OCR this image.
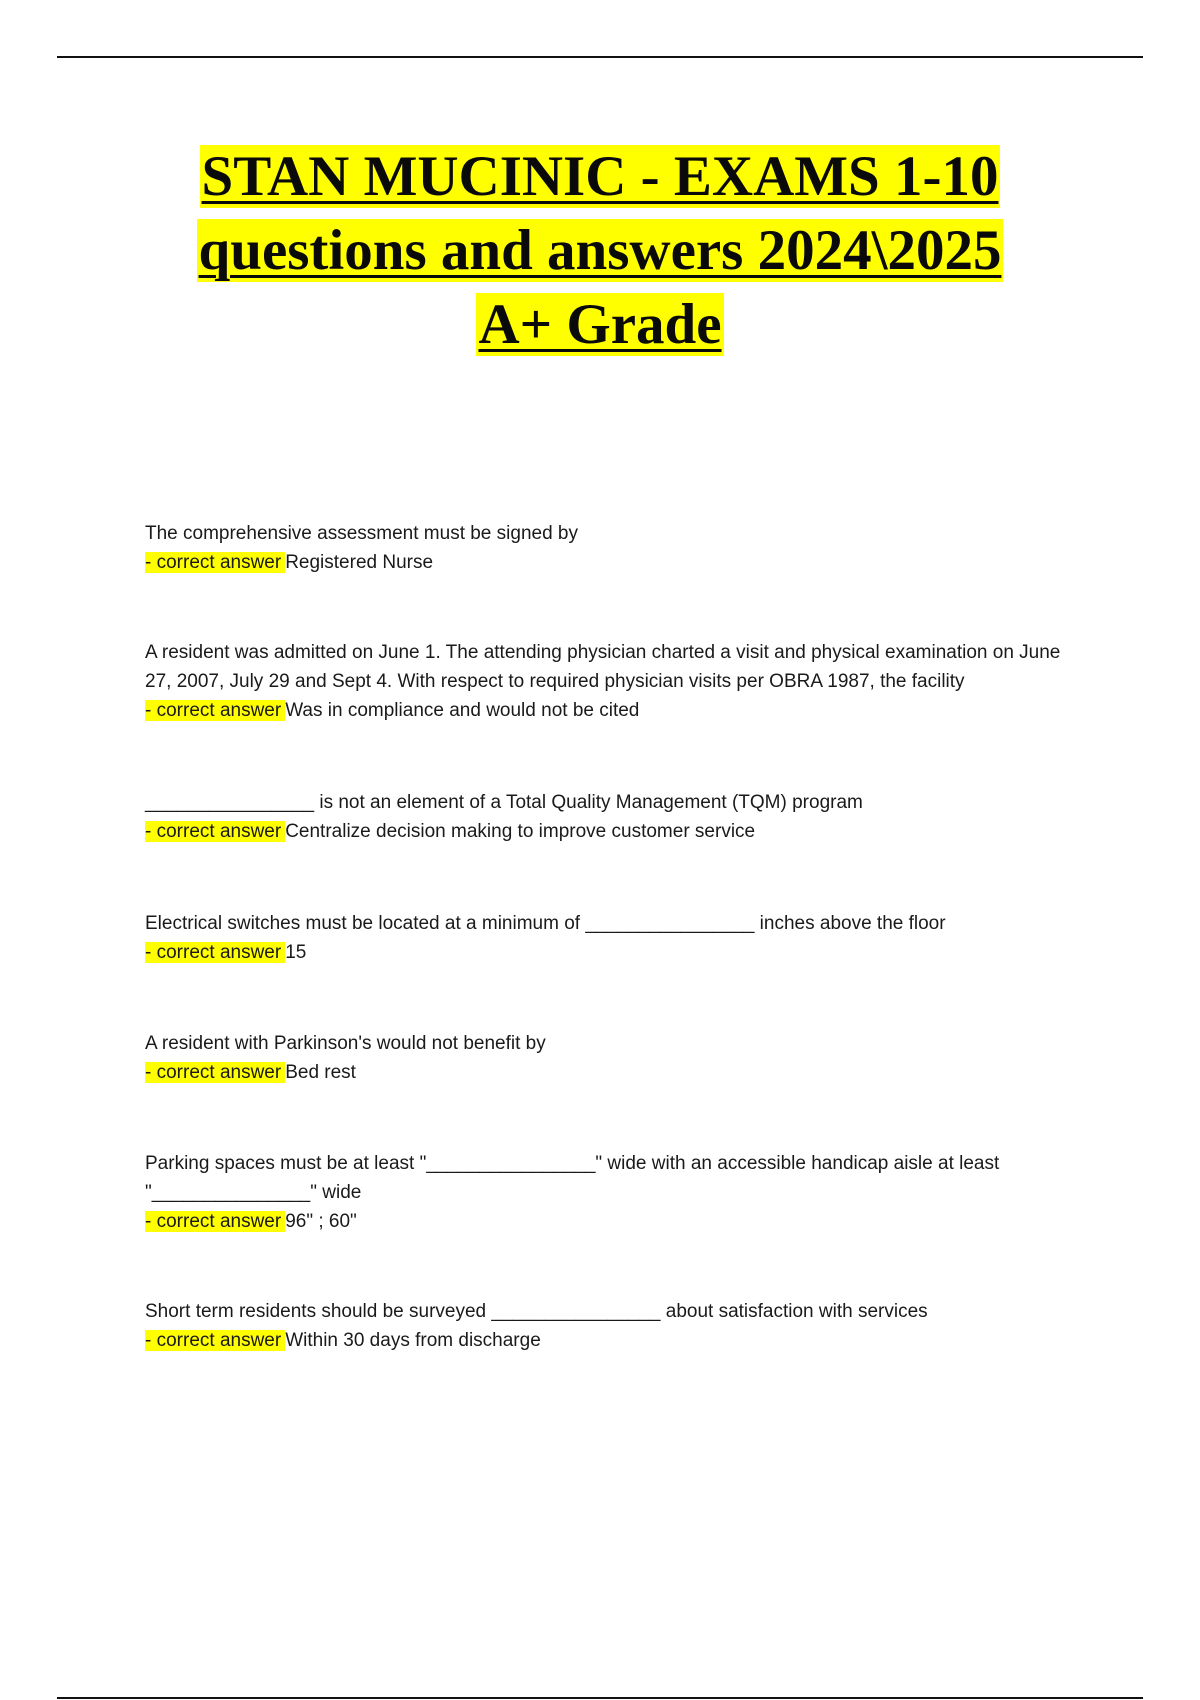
STAN MUCINIC - EXAMS 1-10
questions and answers 2024\2025
A+ Grade

The comprehensive assessment must be signed by

- correct answer Registered Nurse

A resident was admitted on June 1. The attending physician charted a visit and physical examination on June 27, 2007, July 29 and Sept 4. With respect to required physician visits per OBRA 1987, the facility

- correct answer Was in compliance and would not be cited

________________ is not an element of a Total Quality Management (TQM) program

- correct answer Centralize decision making to improve customer service

Electrical switches must be located at a minimum of ________________ inches above the floor

- correct answer 15

A resident with Parkinson's would not benefit by

- correct answer Bed rest

Parking spaces must be at least "________________" wide with an accessible handicap aisle at least "_______________" wide

- correct answer 96" ; 60"

Short term residents should be surveyed ________________ about satisfaction with services

- correct answer Within 30 days from discharge
